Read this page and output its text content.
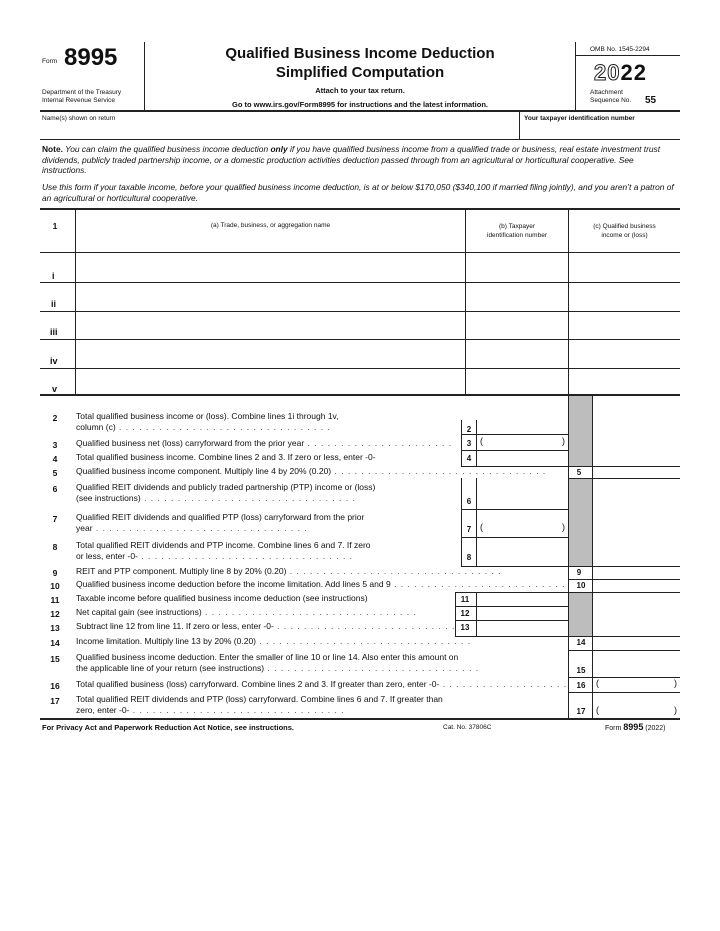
Form 8995
Department of the Treasury
Internal Revenue Service
Qualified Business Income Deduction
Simplified Computation
Attach to your tax return.
Go to www.irs.gov/Form8995 for instructions and the latest information.
OMB No. 1545-2294
2022
Attachment
Sequence No. 55
Name(s) shown on return	Your taxpayer identification number
Note. You can claim the qualified business income deduction only if you have qualified business income from a qualified trade or business, real estate investment trust dividends, publicly traded partnership income, or a domestic production activities deduction passed through from an agricultural or horticultural cooperative. See instructions.
Use this form if your taxable income, before your qualified business income deduction, is at or below $170,050 ($340,100 if married filing jointly), and you aren’t a patron of an agricultural or horticultural cooperative.
1	(a) Trade, business, or aggregation name	(b) Taxpayer
identification number
(c) Qualified business
income or (loss)
i
ii
iii
iv
v
2	Total qualified business income or (loss). Combine lines 1i through 1v,
column (c) . . .	2
3	Qualified business net (loss) carryforward from the prior year . . .	3 (	)
4	Total qualified business income. Combine lines 2 and 3. If zero or less, enter -0-	4
5	Qualified business income component. Multiply line 4 by 20% (0.20) . . .	5
6	Qualified REIT dividends and publicly traded partnership (PTP) income or (loss)
(see instructions) . . .	6
7	Qualified REIT dividends and qualified PTP (loss) carryforward from the prior
year . . .	7 (	)
8	Total qualified REIT dividends and PTP income. Combine lines 6 and 7. If zero
or less, enter -0- . . .	8
9	REIT and PTP component. Multiply line 8 by 20% (0.20) . . .	9
10	Qualified business income deduction before the income limitation. Add lines 5 and 9 . . .	10
11	Taxable income before qualified business income deduction (see instructions)	11
12	Net capital gain (see instructions) . . .	12
13	Subtract line 12 from line 11. If zero or less, enter -0- . . .	13
14	Income limitation. Multiply line 13 by 20% (0.20) . . .	14
15	Qualified business income deduction. Enter the smaller of line 10 or line 14. Also enter this amount on
the applicable line of your return (see instructions) . . .	15
16	Total qualified business (loss) carryforward. Combine lines 2 and 3. If greater than zero, enter -0- . . .	16 (	)
17	Total qualified REIT dividends and PTP (loss) carryforward. Combine lines 6 and 7. If greater than
zero, enter -0- . . .	17 (	)
For Privacy Act and Paperwork Reduction Act Notice, see instructions.	Cat. No. 37806C	Form 8995 (2022)
